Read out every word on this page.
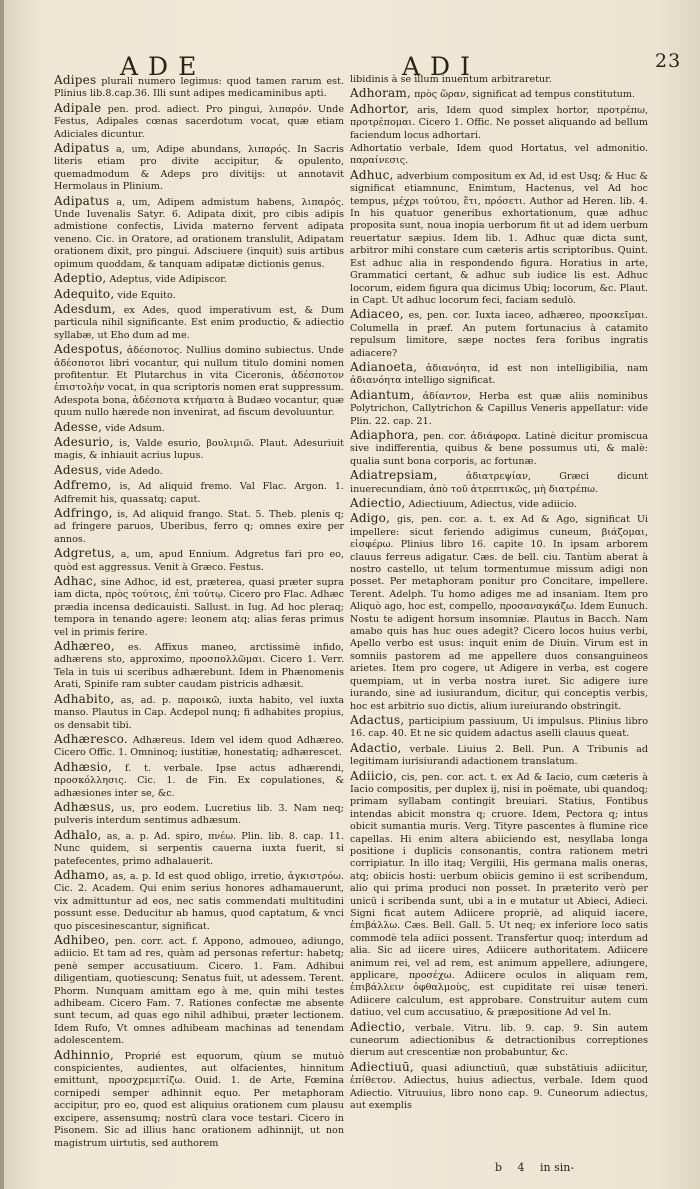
ADE	ADI	23
Adipes plurali numero legimus: quod tamen rarum est. Plinius lib.8.cap.36. Illi sunt adipes medicaminibus apti.
Adipale pen. prod. adiect. Pro pingui, λιπαρόν. Unde Festus, Adipales cœnas sacerdotum vocat, quæ etiam Adiciales dicuntur.
Adipatus a, um, Adipe abundans, λιπαρός. In Sacris literis etiam pro divite accipitur, & opulento, quemadmodum & Adeps pro divitijs: ut annotavit Hermolaus in Plinium.
Adipatus a, um, Adipem admistum habens, λιπαρός. Unde Iuvenalis Satyr. 6. Adipata dixit, pro cibis adipis admistione confectis, Livida materno fervent adipata veneno. Cic. in Oratore, ad orationem translulit, Adipatam orationem dixit, pro pingui. Adsciuere (inquit) suis artibus opimum quoddam, & tanquam adipatæ dictionis genus.
Adeptio, Adeptus, vide Adipiscor.
Adequito, vide Equito.
Adesdum, ex Ades, quod imperativum est, & Dum particula nihil significante. Est enim productio, & adiectio syllabæ, ut Eho dum ad me.
Adespotus, ἀδέσποτος. Nullius domino subiectus. Unde ἀδέσποτοι libri vocantur, qui nullum titulo domini nomen profitentur. Et Plutarchus in vita Ciceronis, ἀδέσποτον ἐπιστολὴν vocat, in qua scriptoris nomen erat suppressum. Adespota bona, ἀδέσποτα κτήματα à Budæo vocantur, quæ quum nullo hærede non invenirat, ad fiscum devoluuntur.
Adesse, vide Adsum.
Adesurio, is, Valde esurio, βουλιμιῶ. Plaut. Adesuriuit magis, & inhiauit acrius lupus.
Adesus, vide Adedo.
Adfremo, is, Ad aliquid fremo. Val Flac. Argon. 1. Adfremit his, quassatq; caput.
Adfringo, is, Ad aliquid frango. Stat. 5. Theb. plenis q; ad fringere paruos, Uberibus, ferro q; omnes exire per annos.
Adgretus, a, um, apud Ennium. Adgretus fari pro eo, quòd est aggressus. Venit à Græco. Festus.
Adhac, sine Adhoc, id est, præterea, quasi præter supra iam dicta, πρὸς τούτοις, ἐπὶ τούτῳ. Cicero pro Flac. Adhæc prædia incensa dedicauisti. Sallust. in Iug. Ad hoc pleraq; tempora in tenando agere: leonem atq; alias feras primus vel in primis ferire.
Adhæreo, es. Affixus maneo, arctissimè infido, adhærens sto, approximo, προσπολλῶμαι. Cicero 1. Verr. Tela in tuis ui sceribus adhærebunt. Idem in Phænomenis Arati, Spinife ram subter caudam pistricis adhæsit.
Adhabito, as, ad. p. παροικῶ, iuxta habito, vel iuxta manso. Plautus in Cap. Acdepol nunq; fi adhabites propius, os densabit tibi.
Adhæresco. Adhæreus. Idem vel idem quod Adhæreo. Cicero Offic. 1. Omninoq; iustitiæ, honestatiq; adhærescet.
Adhæsio, f. t. verbale. Ipse actus adhærendi, προσκόλλησις. Cic. 1. de Fin. Ex copulationes, & adhæsiones inter se, &c.
Adhæsus, us, pro eodem. Lucretius lib. 3. Nam neq; pulveris interdum sentimus adhæsum.
Adhalo, as, a. p. Ad. spiro, πνέω. Plin. lib. 8. cap. 11. Nunc quidem, si serpentis cauerna iuxta fuerit, si patefecentes, primo adhalauerit.
Adhamo, as, a. p. Id est quod obligo, irretio, ἀγκιστρόω. Cic. 2. Academ. Qui enim serius honores adhamauerunt, vix admittuntur ad eos, nec satis commendati multitudini possunt esse. Deducitur ab hamus, quod captatum, & vnci quo piscesinescantur, significat.
Adhibeo, pen. corr. act. f. Appono, admoueo, adiungo, adiicio. Et tam ad res, quàm ad personas refertur: habetq; penè semper accusatiuum. Cicero. 1. Fam. Adhibui diligentiam, quotiescunq; Senatus fuit, ut adessem. Terent. Phorm. Nunquam amittam ego à me, quin mihi testes adhibeam. Cicero Fam. 7. Rationes confectæ me absente sunt tecum, ad quas ego nihil adhibui, præter lectionem. Idem Rufo, Vt omnes adhibeam machinas ad tenendam adolescentem.
Adhinnio, Proprié est equorum, qùum se mutuò conspicientes, audientes, aut olfacientes, hinnitum emittunt, προσχρεμετίζω. Ouid. 1. de Arte, Fœmina cornipedi semper adhinnit equo. Per metaphoram accipitur, pro eo, quod est aliquius orationem cum plausu excipere, assensumq; nostrū clara voce testari. Cicero in Pisonem. Sic ad illius hanc orationem adhinnijt, ut non magistrum uirtutis, sed authorem
libidinis à se illum inuentum arbitraretur.
Adhoram, πρὸς ὥραν, significat ad tempus constitutum.
Adhortor, aris, Idem quod simplex hortor, προτρέπω, προτρέπομαι. Cicero 1. Offic. Ne posset aliquando ad bellum faciendum locus adhortari.
Adhortatio verbale, Idem quod Hortatus, vel admonitio. παραίνεσις.
Adhuc, adverbium compositum ex Ad, id est Usq; & Huc & significat etiamnunc, Enimtum, Hactenus, vel Ad hoc tempus, μέχρι τούτου, ἔτι, πρόσετι. Author ad Heren. lib. 4. In his quatuor generibus exhortationum, quæ adhuc proposita sunt, noua inopia uerborum fit ut ad idem uerbum reuertatur sæpius. Idem lib. 1. Adhuc quæ dicta sunt, arbitror mihi constare cum cæteris artis scriptoribus. Quint. Est adhuc alia in respondendo figura. Horatius in arte, Grammatici certant, & adhuc sub iudice lis est. Adhuc locorum, eidem figura qua dicimus Ubiq; locorum, &c. Plaut. in Capt. Ut adhuc locorum feci, faciam sedulò.
Adiaceo, es, pen. cor. Iuxta iaceo, adhæreo, προσκεῖμαι. Columella in præf. An putem fortunacius à catamito repulsum limitore, sæpe noctes fera foribus ingratis adiacere?
Adianoeta, ἀδιανόητα, id est non intelligibilia, nam ἀδιανόητα intelligo significat.
Adiantum, ἀδίαντον, Herba est quæ aliis nominibus Polytrichon, Callytrichon & Capillus Veneris appellatur: vide Plin. 22. cap. 21.
Adiaphora, pen. cor. ἀδιάφορα. Latinè dicitur promiscua sive indifferentia, quibus & bene possumus uti, & malè: qualia sunt bona corporis, ac fortunæ.
Adiatrepsiam,	ἀδιατρεψίαν, Græci dicunt inuerecundiam, ἀπὸ τοῦ ἀτρεπτικῶς, μὴ διατρέπω.
Adiectio, Adiectiuum, Adiectus, vide adiicio.
Adigo, gis, pen. cor. a. t. ex Ad & Ago, significat Ui impellere: sicut feriendo adigimus cuneum, βιάζομαι, εἰσφέρω. Plinius libro 16. capite 10. In ipsam arborem clauus ferreus adigatur. Cæs. de bell. ciu. Tantùm aberat à nostro castello, ut telum tormentumue missum adigi non posset. Per metaphoram ponitur pro Concitare, impellere. Terent. Adelph. Tu homo adiges me ad insaniam. Item pro Aliquò ago, hoc est, compello, προσαναγκάζω. Idem Eunuch. Nostu te adigent horsum insomniæ. Plautus in Bacch. Nam amabo quis has huc oues adegit? Cicero locos huius verbi, Apello verbo est usus: inquit enim de Diuin. Virum est in somniis pastorem ad me appellere duos consanguineos arietes. Item pro cogere, ut Adigere in verba, est cogere quempiam, ut in verba nostra iuret. Sic adigere iure iurando, sine ad iusiurandum, dicitur, qui conceptis verbis, hoc est arbitrio suo dictis, alium iureiurando obstringit.
Adactus, participium passiuum, Ui impulsus. Plinius libro 16. cap. 40. Et ne sic quidem adactus aselli clauus queat.
Adactio, verbale. Liuius 2. Bell. Pun. A Tribunis ad legitimam iurisiurandi adactionem translatum.
Adiicio, cis, pen. cor. act. t. ex Ad & Iacio, cum cæteris à Iacio compositis, per duplex ij, nisi in poëmate, ubi quandoq; primam syllabam contingit breuiari. Statius, Fontibus intendas abicit monstra q; cruore. Idem, Pectora q; intus obicit sumantia muris. Verg. Tityre pascentes à flumine rice capellas. Hi enim altera abiiciendo est, nesyllaba longa positione i duplicis consonantis, contra rationem metri corripiatur. In illo itaq; Vergilii, His germana malis oneras, atq; obiicis hosti: uerbum obiicis gemino ii est scribendum, alio qui prima produci non posset. In præterito verò per unicū i scribenda sunt, ubi a in e mutatur ut Abieci, Adieci. Signi ficat autem Adiicere propriè, ad aliquid iacere, ἐπιβάλλω. Cæs. Bell. Gall. 5. Ut neq; ex inferiore loco satis commodè tela adiici possent. Transfertur quoq; interdum ad alia. Sic ad iicere uires, Adiicere authoritatem. Adiicere animum rei, vel ad rem, est animum appellere, adiungere, applicare, προσέχω. Adiicere oculos in aliquam rem, ἐπιβάλλειν ὀφθαλμοὺς, est cupiditate rei uisæ teneri. Adiicere calculum, est approbare. Construitur autem cum datiuo, vel cum accusatiuo, & præpositione Ad vel In.
Adiectio, verbale. Vitru. lib. 9. cap. 9. Sin autem cuneorum adiectionibus & detractionibus correptiones dierum aut crescentiæ non probabuntur, &c.
Adiectiuū, quasi adiunctiuū, quæ substātiuis adiicitur, ἐπίθετον. Adiectus, huius adiectus, verbale. Idem quod Adiectio. Vitruuius, libro nono cap. 9. Cuneorum adiectus, aut exemplis
b 4 in sin-
